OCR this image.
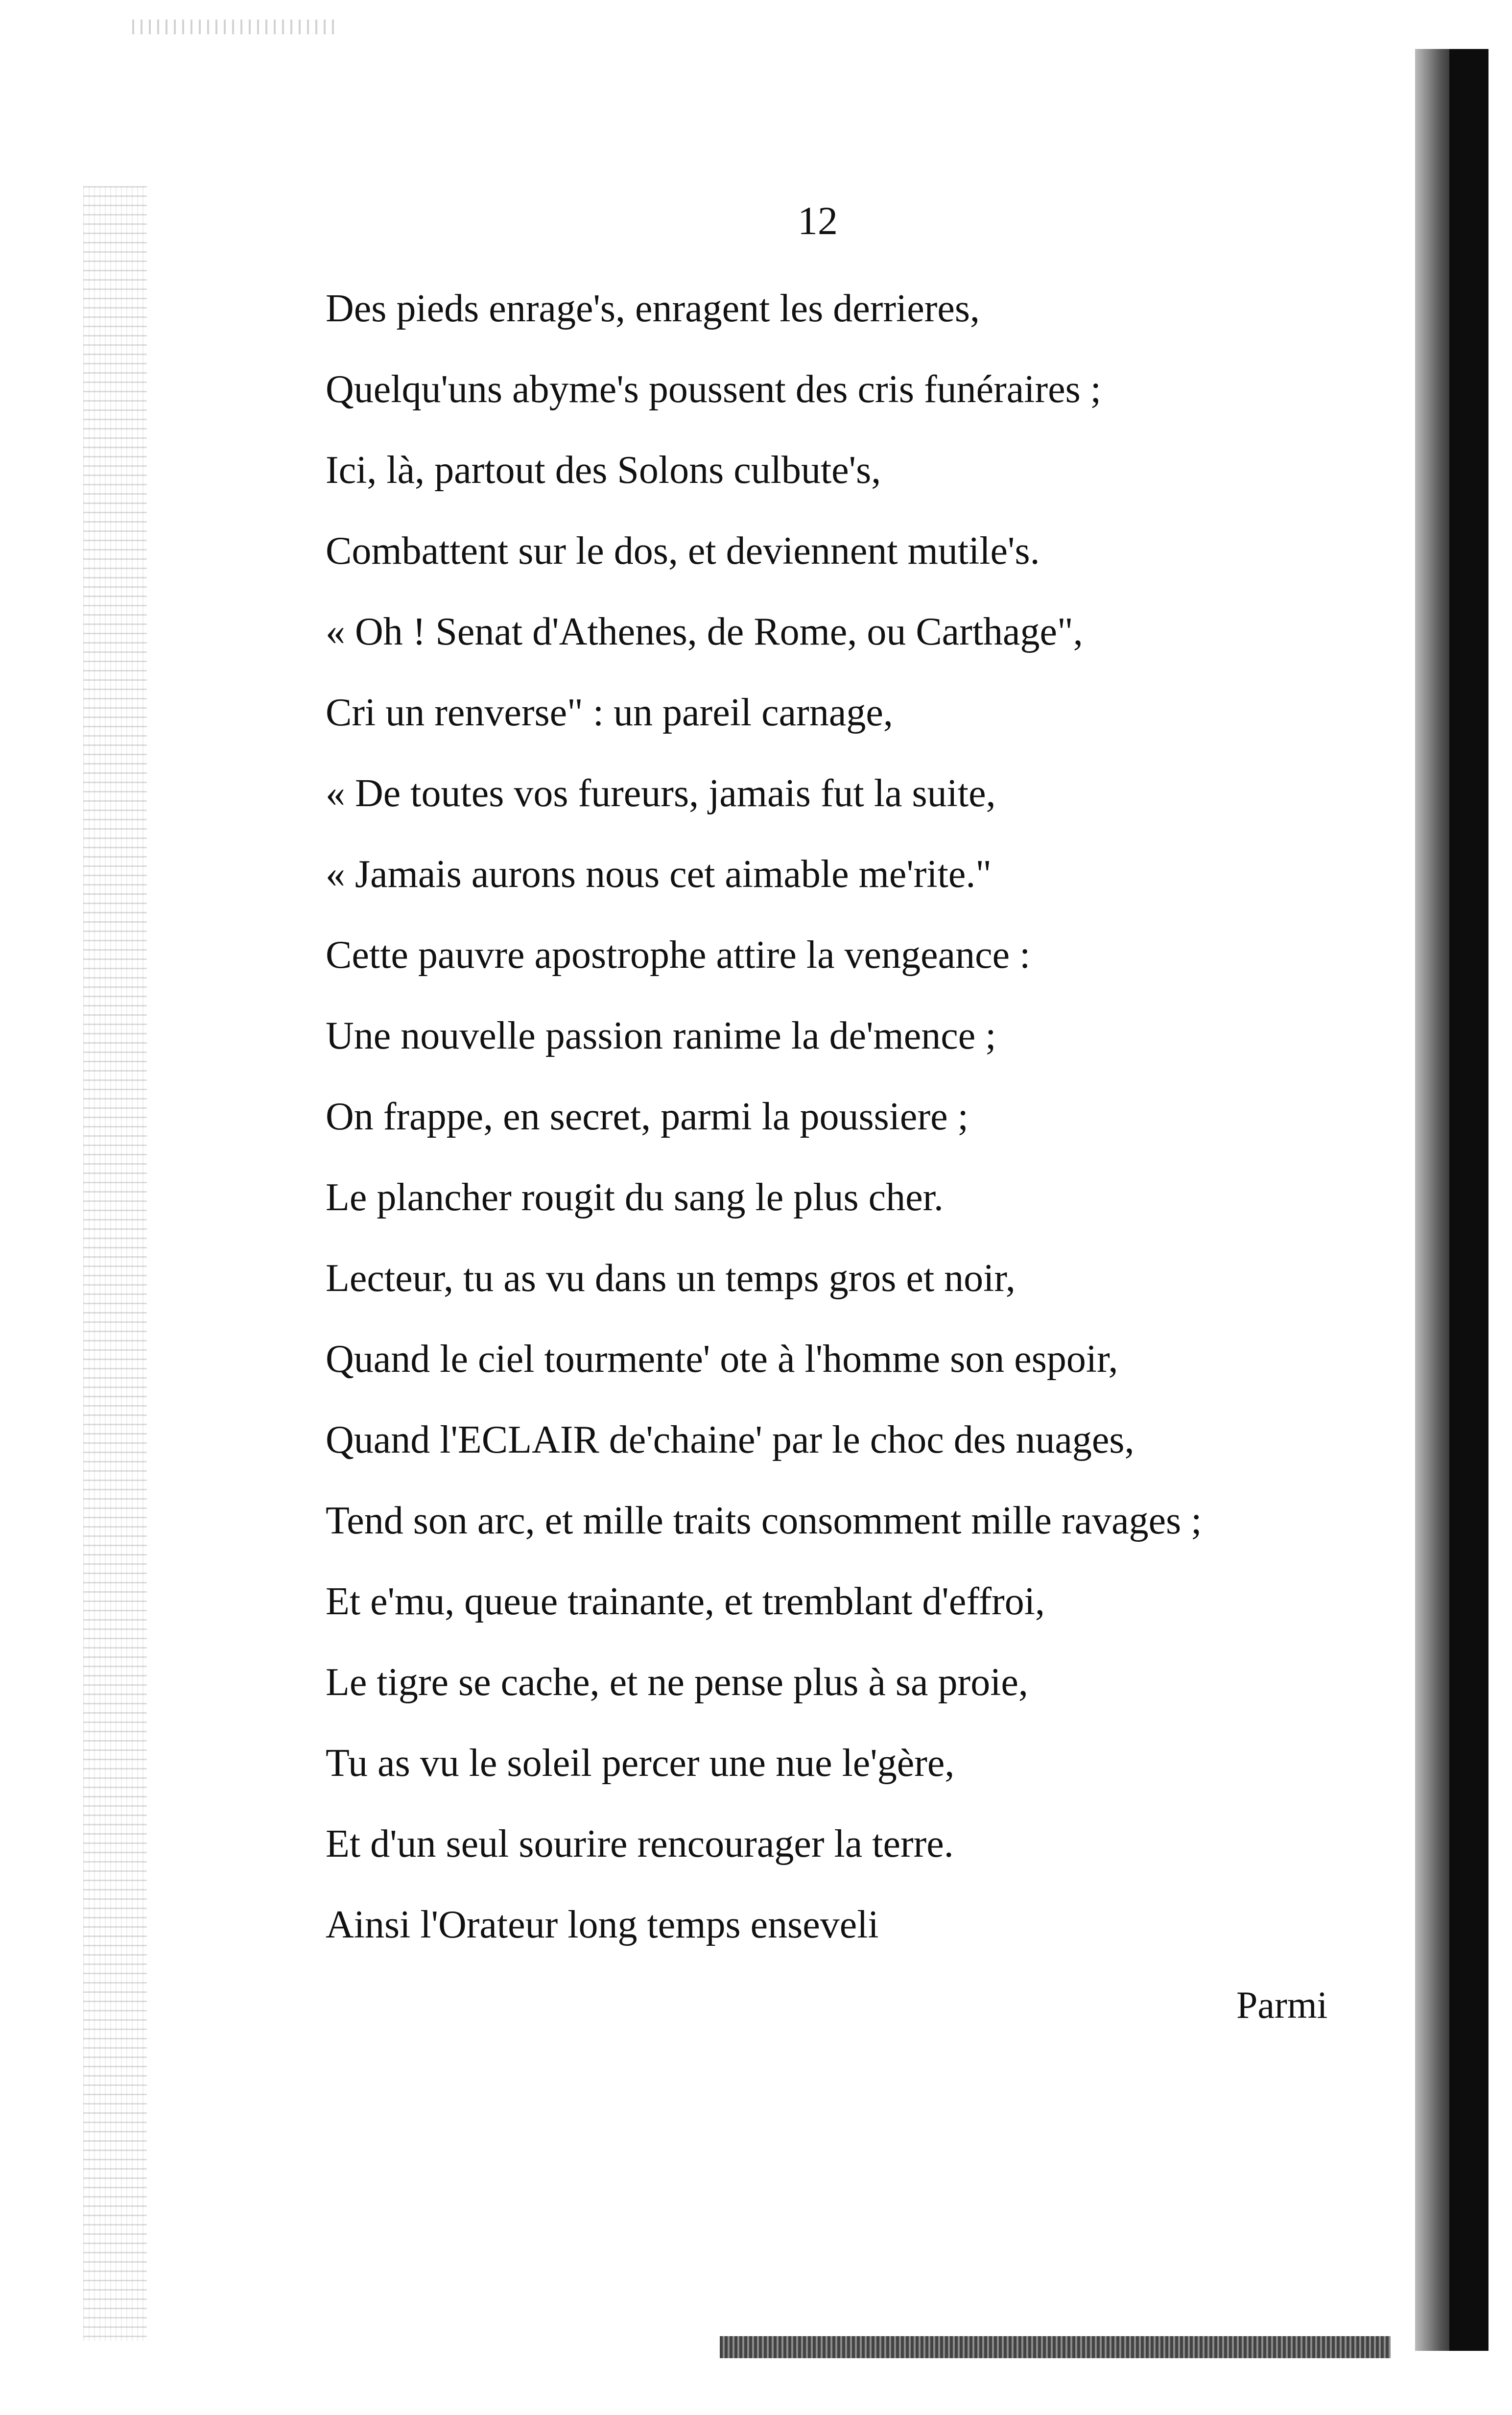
12
Des pieds enrage's, enragent les derrieres,
Quelqu'uns abyme's poussent des cris funéraires ;
Ici, là, partout des Solons culbute's,
Combattent sur le dos, et deviennent mutile's.
« Oh ! Senat d'Athenes, de Rome, ou Carthage",
Cri un renverse" : un pareil carnage,
« De toutes vos fureurs, jamais fut la suite,
« Jamais aurons nous cet aimable me'rite."
Cette pauvre apostrophe attire la vengeance :
Une nouvelle passion ranime la de'mence ;
On frappe, en secret, parmi la poussiere ;
Le plancher rougit du sang le plus cher.
Lecteur, tu as vu dans un temps gros et noir,
Quand le ciel tourmente' ote à l'homme son espoir,
Quand l'ECLAIR de'chaine' par le choc des nuages,
Tend son arc, et mille traits consomment mille ravages ;
Et e'mu, queue trainante, et tremblant d'effroi,
Le tigre se cache, et ne pense plus à sa proie,
Tu as vu le soleil percer une nue le'gère,
Et d'un seul sourire rencourager la terre.
Ainsi l'Orateur long temps enseveli
Parmi
